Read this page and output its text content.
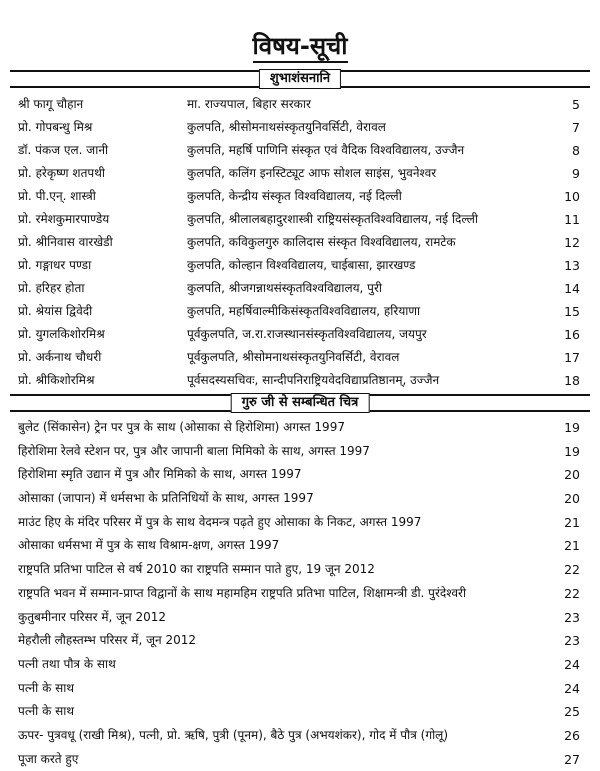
विषय-सूची
शुभाशंसनानि
श्री फागू चौहान	मा. राज्यपाल, बिहार सरकार	5
प्रो. गोपबन्धु मिश्र	कुलपति, श्रीसोमनाथसंस्कृतयुनिवर्सिटी, वेरावल	7
डॉ. पंकज एल. जानी	कुलपति, महर्षि पाणिनि संस्कृत एवं वैदिक विश्वविद्यालय, उज्जैन	8
प्रो. हरेकृष्ण शतपथी	कुलपति, कलिंग इनस्टिट्यूट आफ सोशल साइंस, भुवनेश्वर	9
प्रो. पी.एन्. शास्त्री	कुलपति, केन्द्रीय संस्कृत विश्वविद्यालय, नई दिल्ली	10
प्रो. रमेशकुमारपाण्डेय	कुलपति, श्रीलालबहादुरशास्त्री राष्ट्रियसंस्कृतविश्वविद्यालय, नई दिल्ली	11
प्रो. श्रीनिवास वारखेडी	कुलपति, कविकुलगुरु कालिदास संस्कृत विश्वविद्यालय, रामटेक	12
प्रो. गङ्गाधर पण्डा	कुलपति, कोल्हान विश्वविद्यालय, चाईबासा, झारखण्ड	13
प्रो. हरिहर होता	कुलपति, श्रीजगन्नाथसंस्कृतविश्वविद्यालय, पुरी	14
प्रो. श्रेयांस द्विवेदी	कुलपति, महर्षिवाल्मीकिसंस्कृतविश्वविद्यालय, हरियाणा	15
प्रो. युगलकिशोरमिश्र	पूर्वकुलपति, ज.रा.राजस्थानसंस्कृतविश्वविद्यालय, जयपुर	16
प्रो. अर्कनाथ चौधरी	पूर्वकुलपति, श्रीसोमनाथसंस्कृतयुनिवर्सिटी, वेरावल	17
प्रो. श्रीकिशोरमिश्र	पूर्वसदस्यसचिवः, सान्दीपनिराष्ट्रियवेदविद्याप्रतिष्ठानम्, उज्जैन	18
गुरु जी से सम्बन्धित चित्र
बुलेट (सिंकासेन) ट्रेन पर पुत्र के साथ (ओसाका से हिरोशिमा) अगस्त 1997	19
हिरोशिमा रेलवे स्टेशन पर, पुत्र और जापानी बाला मिमिको के साथ, अगस्त 1997	19
हिरोशिमा स्मृति उद्यान में पुत्र और मिमिको के साथ, अगस्त 1997	20
ओसाका (जापान) में धर्मसभा के प्रतिनिधियों के साथ, अगस्त 1997	20
माउंट हिए के मंदिर परिसर में पुत्र के साथ वेदमन्त्र पढ़ते हुए ओसाका के निकट, अगस्त 1997	21
ओसाका धर्मसभा में पुत्र के साथ विश्राम-क्षण, अगस्त 1997	21
राष्ट्रपति प्रतिभा पाटिल से वर्ष 2010 का राष्ट्रपति सम्मान पाते हुए, 19 जून 2012	22
राष्ट्रपति भवन में सम्मान-प्राप्त विद्वानों के साथ महामहिम राष्ट्रपति प्रतिभा पाटिल, शिक्षामन्त्री डी. पुरंदेश्वरी	22
कुतुबमीनार परिसर में, जून 2012	23
मेहरौली लौहस्तम्भ परिसर में, जून 2012	23
पत्नी तथा पौत्र के साथ	24
पत्नी के साथ	24
पत्नी के साथ	25
ऊपर- पुत्रवधू (राखी मिश्र), पत्नी, प्रो. ऋषि, पुत्री (पूनम), बैठे पुत्र (अभयशंकर), गोद में पौत्र (गोलू)	26
पूजा करते हुए	27
